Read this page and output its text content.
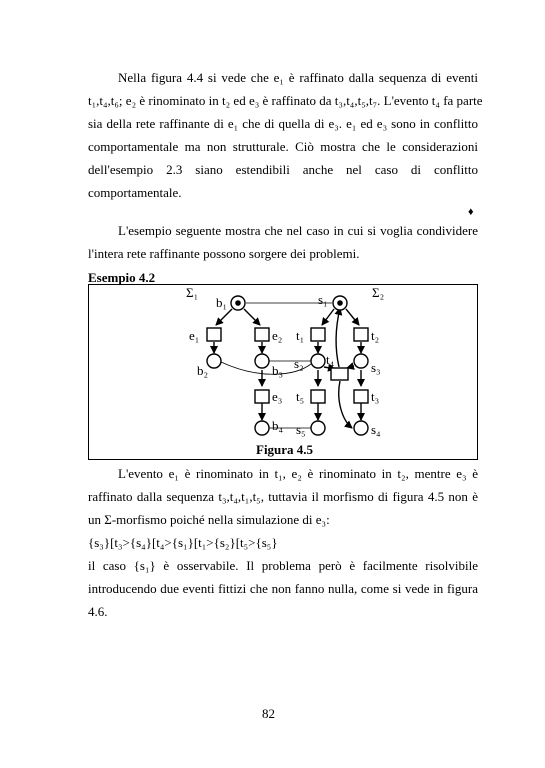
Nella figura 4.4 si vede che e₁ è raffinato dalla sequenza di eventi
t₁,t₄,t₆; e₂ è rinominato in t₂ ed e₃ è raffinato da t₃,t₄,t₅,t₇. L'evento t₄ fa parte
sia della rete raffinante di e₁ che di quella di e₃. e₁ ed e₃ sono in conflitto
comportamentale ma non strutturale. Ciò mostra che le considerazioni
dell'esempio 2.3 siano estendibili anche nel caso di conflitto
comportamentale.
♦
L'esempio seguente mostra che nel caso in cui si voglia condividere
l'intera rete raffinante possono sorgere dei problemi.
Esempio 4.2
Σ₁	Σ₂
b₁	s₁
e₁	e₂ t₁	t₂
b₂	b₃ s₂ t₄
s₃
e₃ t₅	t₃
b₄ s₅	s₄
Figura 4.5
L'evento e₁ è rinominato in t₁, e₂ è rinominato in t₂, mentre e₃ è
raffinato dalla sequenza t₃,t₄,t₁,t₅, tuttavia il morfismo di figura 4.5 non è
un Σ-morfismo poiché nella simulazione di e₃:
{s₃}[t₃>{s₄}[t₄>{s₁}[t₁>{s₂}[t₅>{s₅}
il caso {s₁} è osservabile. Il problema però è facilmente risolvibile
introducendo due eventi fittizi che non fanno nulla, come si vede in figura
4.6.
82
